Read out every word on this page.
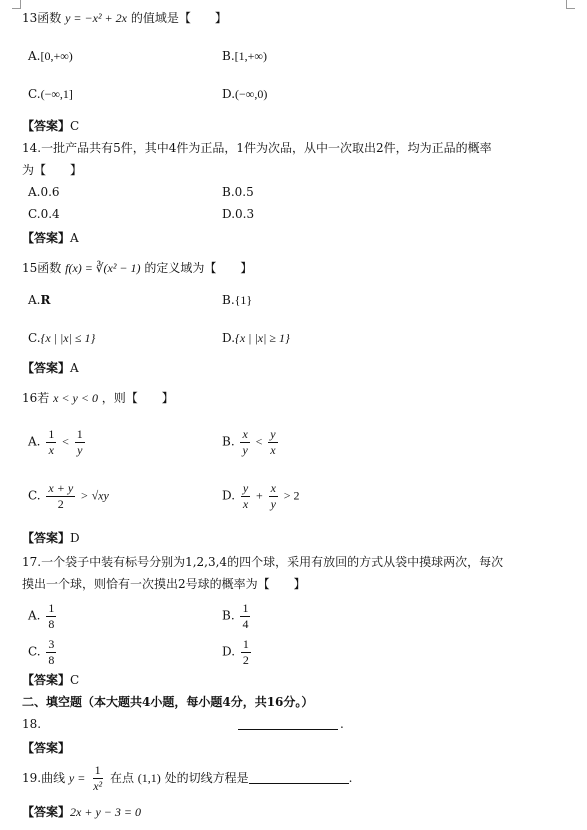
13函数 y = −x² + 2x 的值域是【　　】
A.[0,+∞)	B.[1,+∞)
C.(−∞,1]	D.(−∞,0)
【答案】C
14.一批产品共有5件，其中4件为正品，1件为次品，从中一次取出2件，均为正品的概率
为【　　】
A.0.6	B.0.5
C.0.4	D.0.3
【答案】A
15函数 f(x) = ∛(x² − 1) 的定义域为【　　】
A.R	B.{1}
C.{x | |x| ≤ 1}	D.{x | |x| ≥ 1}
【答案】A
16若 x < y < 0 ，则【　　】
A. $\frac{1}{x} < \frac{1}{y}$	B. $\frac{x}{y} < \frac{y}{x}$
C. $\frac{x + y}{2} > √xy$	D. $\frac{y}{x} + \frac{x}{y} > 2$
【答案】D
17.一个袋子中装有标号分别为1,2,3,4的四个球，采用有放回的方式从袋中摸球两次，每次
摸出一个球，则恰有一次摸出2号球的概率为【　　】
A. $\frac{1}{8}$	B. $\frac{1}{4}$
C. $\frac{3}{8}$	D. $\frac{1}{2}$
【答案】C
二、填空题（本大题共4小题，每小题4分，共16分。）
18.	.
【答案】
19.曲线 $y = \frac{1}{\text{x²}}$ 在点 (1,1) 处的切线方程是	.
【答案】2x + y − 3 = 0
